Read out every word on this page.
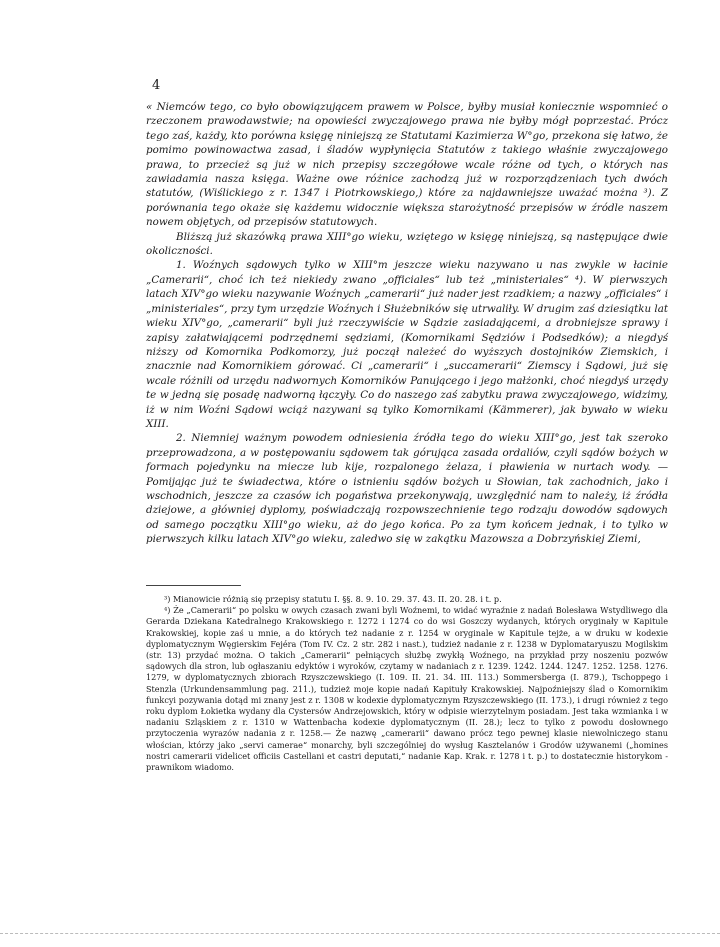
4

« Niemców tego, co było obowiązującem prawem w Polsce, byłby musiał koniecznie wspomnieć o rzeczonem prawodawstwie; na opowieści zwyczajowego prawa nie byłby mógł poprzestać. Prócz tego zaś, każdy, kto porówna księgę niniejszą ze Statutami Kazimierza W°go, przekona się łatwo, że pomimo powinowactwa zasad, i śladów wypłynięcia Statutów z takiego właśnie zwyczajowego prawa, to przecież są już w nich przepisy szczegółowe wcale różne od tych, o których nas zawiadamia nasza księga. Ważne owe różnice zachodzą już w rozporządzeniach tych dwóch statutów, (Wiślickiego z r. 1347 i Piotrkowskiego,) które za najdawniejsze uważać można ³). Z porównania tego okaże się każdemu widocznie większa starożytność przepisów w źródle naszem nowem objętych, od przepisów statutowych.

Bliższą już skazówką prawa XIII°go wieku, wziętego w księgę niniejszą, są następujące dwie okoliczności.

1. Woźnych sądowych tylko w XIII°m jeszcze wieku nazywano u nas zwykle w łacinie „Camerarii“, choć ich też niekiedy zwano „officiales“ lub też „ministeriales“ ⁴). W pierwszych latach XIV°go wieku nazywanie Woźnych „camerarii“ już nader jest rzadkiem; a nazwy „officiales“ i „ministeriales“, przy tym urzędzie Woźnych i Służebników się utrwaliły. W drugim zaś dziesiątku lat wieku XIV°go, „camerarii“ byli już rzeczywiście w Sądzie zasiadającemi, a drobniejsze sprawy i zapisy załatwiającemi podrzędnemi sędziami, (Komornikami Sędziów i Podsedków); a niegdyś niższy od Komornika Podkomorzy, już począł należeć do wyższych dostojników Ziemskich, i znacznie nad Komornikiem górować. Ci „camerarii“ i „succamerarii“ Ziemscy i Sądowi, już się wcale różnili od urzędu nadwornych Komorników Panującego i jego małżonki, choć niegdyś urzędy te w jedną się posadę nadworną łączyły. Co do naszego zaś zabytku prawa zwyczajowego, widzimy, iż w nim Woźni Sądowi wciąż nazywani są tylko Komornikami (Kämmerer), jak bywało w wieku XIII.

2. Niemniej ważnym powodem odniesienia źródła tego do wieku XIII°go, jest tak szeroko przeprowadzona, a w postępowaniu sądowem tak górująca zasada ordaliów, czyli sądów bożych w formach pojedynku na miecze lub kije, rozpalonego żelaza, i pławienia w nurtach wody. — Pomijając już te świadectwa, które o istnieniu sądów bożych u Słowian, tak zachodnich, jako i wschodnich, jeszcze za czasów ich pogaństwa przekonywają, uwzględnić nam to należy, iż źródła dziejowe, a główniej dyplomy, poświadczają rozpowszechnienie tego rodzaju dowodów sądowych od samego początku XIII°go wieku, aż do jego końca. Po za tym końcem jednak, i to tylko w pierwszych kilku latach XIV°go wieku, zaledwo się w zakątku Mazowsza a Dobrzyńskiej Ziemi,

³) Mianowicie różnią się przepisy statutu I. §§. 8. 9. 10. 29. 37. 43. II. 20. 28. i t. p.

⁴) Że „Camerarii“ po polsku w owych czasach zwani byli Woźnemi, to widać wyraźnie z nadań Bolesława Wstydliwego dla Gerarda Dziekana Katedralnego Krakowskiego r. 1272 i 1274 co do wsi Goszczy wydanych, których oryginały w Kapitule Krakowskiej, kopie zaś u mnie, a do których też nadanie z r. 1254 w oryginale w Kapitule tejże, a w druku w kodexie dyplomatycznym Węgierskim Fejéra (Tom IV. Cz. 2 str. 282 i nast.), tudzież nadanie z r. 1238 w Dyplomataryuszu Mogilskim (str. 13) przydać można. O takich „Camerarii“ pełniących służbę zwykłą Woźnego, na przykład przy noszeniu pozwów sądowych dla stron, lub ogłaszaniu edyktów i wyroków, czytamy w nadaniach z r. 1239. 1242. 1244. 1247. 1252. 1258. 1276. 1279, w dyplomatycznych zbiorach Rzyszczewskiego (I. 109. II. 21. 34. III. 113.) Sommersberga (I. 879.), Tschoppego i Stenzla (Urkundensammlung pag. 211.), tudzież moje kopie nadań Kapituły Krakowskiej. Najpoźniejszy ślad o Komornikim funkcyi pozywania dotąd mi znany jest z r. 1308 w kodexie dyplomatycznym Rzyszczewskiego (II. 173.), i drugi również z tego roku dyplom Łokietka wydany dla Cystersów Andrzejowskich, który w odpisie wierzytelnym posiadam. Jest taka wzmianka i w nadaniu Szląskiem z r. 1310 w Wattenbacha kodexie dyplomatycznym (II. 28.); lecz to tylko z powodu dosłownego przytoczenia wyrazów nadania z r. 1258.— Że nazwę „camerarii“ dawano prócz tego pewnej klasie niewolniczego stanu włościan, którzy jako „servi camerae“ monarchy, byli szczególniej do wysług Kasztelanów i Grodów używanemi („homines nostri camerarii videlicet officiis Castellani et castri deputati,“ nadanie Kap. Krak. r. 1278 i t. p.) to dostatecznie historykom - prawnikom wiadomo.
